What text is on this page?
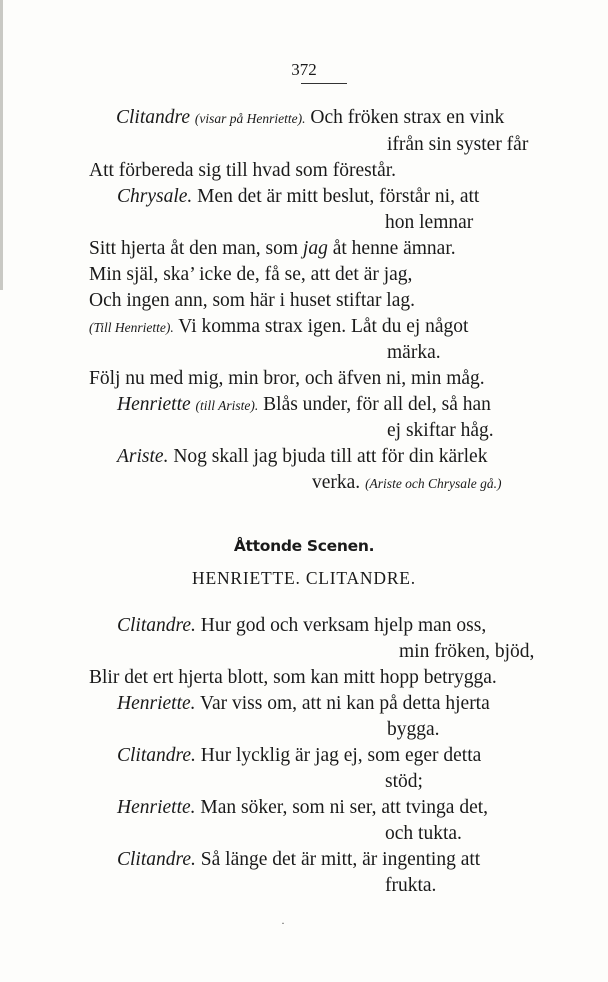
372
Clitandre (visar på Henriette). Och fröken strax en vink
ifrån sin syster får
Att förbereda sig till hvad som förestår.
Chrysale. Men det är mitt beslut, förstår ni, att
hon lemnar
Sitt hjerta åt den man, som jag åt henne ämnar.
Min själ, ska’ icke de, få se, att det är jag,
Och ingen ann, som här i huset stiftar lag.
(Till Henriette). Vi komma strax igen. Låt du ej något
märka.
Följ nu med mig, min bror, och äfven ni, min måg.
Henriette (till Ariste). Blås under, för all del, så han
ej skiftar håg.
Ariste. Nog skall jag bjuda till att för din kärlek
verka. (Ariste och Chrysale gå.)
Åttonde Scenen.
HENRIETTE. CLITANDRE.
Clitandre. Hur god och verksam hjelp man oss,
min fröken, bjöd,
Blir det ert hjerta blott, som kan mitt hopp betrygga.
Henriette. Var viss om, att ni kan på detta hjerta
bygga.
Clitandre. Hur lycklig är jag ej, som eger detta
stöd;
Henriette. Man söker, som ni ser, att tvinga det,
och tukta.
Clitandre. Så länge det är mitt, är ingenting att
frukta.
·
